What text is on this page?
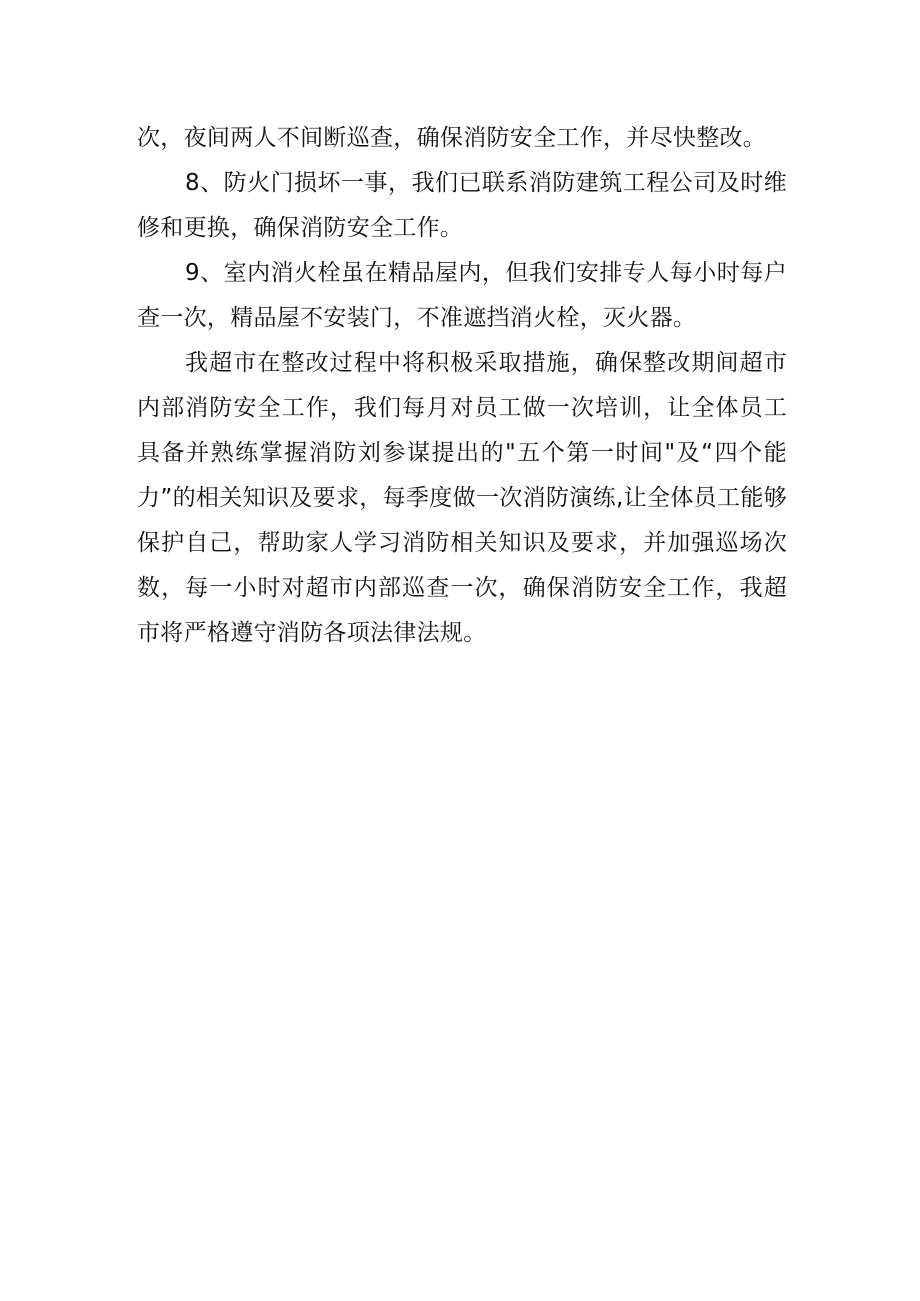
次，夜间两人不间断巡查，确保消防安全工作，并尽快整改。

8、防火门损坏一事，我们已联系消防建筑工程公司及时维修和更换，确保消防安全工作。

9、室内消火栓虽在精品屋内，但我们安排专人每小时每户查一次，精品屋不安装门，不准遮挡消火栓，灭火器。

我超市在整改过程中将积极采取措施，确保整改期间超市内部消防安全工作，我们每月对员工做一次培训，让全体员工具备并熟练掌握消防刘参谋提出的"五个第一时间"及“四个能力”的相关知识及要求，每季度做一次消防演练,让全体员工能够保护自己，帮助家人学习消防相关知识及要求，并加强巡场次数，每一小时对超市内部巡查一次，确保消防安全工作，我超市将严格遵守消防各项法律法规。
